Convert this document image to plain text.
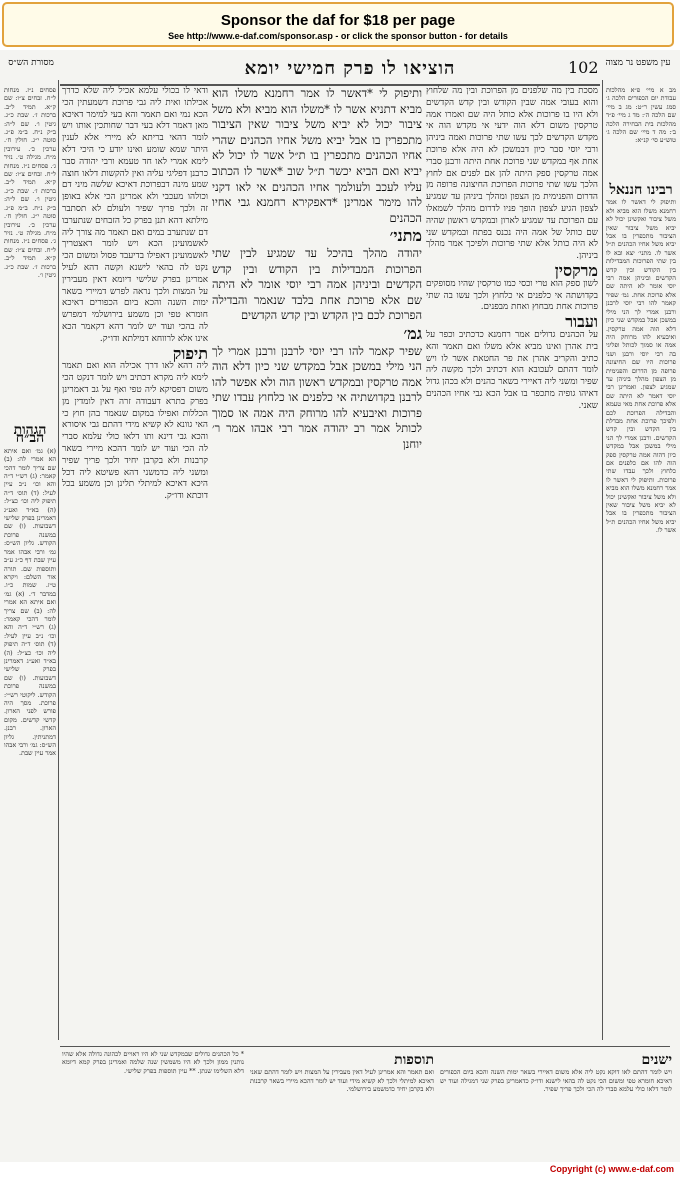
Sponsor the daf for $18 per page
See http://www.e-daf.com/sponsor.asp - or click the sponsor button - for details
102
הוציאו לו פרק חמישי יומא
מסורת הש״ס	עין משפט נר מצוה
פסחים נ״ז. מנחות ל״ח. זבחים צ״ו: שם ק״א. תמיד ל״ב. ברכות ז׳. שבת כ״ג. גיטין ו׳. שם ל״ה: ב״ק נ״ח. ב״מ פ״ג. סוטה י״ג. חולין ח׳. ערכין כ׳. עירובין מ״ח. מגילה ט׳. נזיר ג׳. פסחים נ״ז. מנחות ל״ח. זבחים צ״ו: שם ק״א. תמיד ל״ב. ברכות ז׳. שבת כ״ג. גיטין ו׳. שם ל״ה: ב״ק נ״ח. ב״מ פ״ג. סוטה י״ג. חולין ח׳. ערכין כ׳. עירובין מ״ח. מגילה ט׳. נזיר ג׳. פסחים נ״ז. מנחות ל״ח. זבחים צ״ו: שם ק״א. תמיד ל״ב. ברכות ז׳. שבת כ״ג. גיטין ו׳.
הגהות הב״ח
(א) גמ׳ ואם איתא הא אמרי לה: (ב) שם צריך לומר דהכי קאמר: (ג) רש״י ד״ה והא וכו׳ נ״ב עיין לעיל: (ד) תוס׳ ד״ה תיפוק ליה וכו׳ כצ״ל: (ה) בא״ד ואע״ג דאמרינן בפרק שלישי דשבועות. (ו) שם במשנה פרוכת הקודש. גליון הש״ס: גמ׳ ורבי אבהו אמר עיין שבת דף כ״ג ע״ב ותוספות שם. תורה אור השלם: ויקרא ט״ז. שמות כ״ו. במדבר ד׳. (א) גמ׳ ואם איתא הא אמרי לה: (ב) שם צריך לומר דהכי קאמר: (ג) רש״י ד״ה והא וכו׳ נ״ב עיין לעיל: (ד) תוס׳ ד״ה תיפוק ליה וכו׳ כצ״ל: (ה) בא״ד ואע״ג דאמרינן בפרק שלישי דשבועות. (ו) שם במשנה פרוכת הקודש. ליקוטי רש״י: פרוכת. מסך היה פורש לפני הארון. קדשי קדשים. מקום הארון. רבנן. דמתניתין. גליון הש״ס: גמ׳ ורבי אבהו אמר עיין שבת.
ודאי לו בכולי עלמא אכיל ליה שלא כדרך אכילתו ואית ליה גבי פרוכת דשמעתין הכי הכא נמי ואם תאמר והא בעי למימר דאיכא מאן דאמר דלא בעי דבר שחותכין אותו ויש לומר דהאי בריתא לא מיירי אלא לענין היתר שמא שומע ואינו יודע כי היכי דלא לימא אמרי לאו חד טעמא ורבי יהודה סבר כרבנן דפליגי עליה ואין להקשות דלאו חוצה שמע מינה דבפרוכת דאיכא שלשה מיני דם וכולהו מעכבי ולא אמרינן הכי אלא באופן זה ולכך פריך שפיר ולעולם לא תסתבר מילתא דהא תנן בפרק כל הזבחים שנתערבו דם שנתערב במים ואם תאמר מה צורך ליה לאשמועינן הכא ויש לומר דאצטריך לאשמועינן דאפילו בדיעבד פסול ומשום הכי נקט לה בהאי לישנא וקשה דהא לעיל אמרינן בפרק שלישי דיומא דאין מעבירין על המצות ולכך נראה לפרש דמיירי בשאר ימות השנה והכא ביום הכפורים דאיכא חומרא טפי וכן משמע בירושלמי דמפרש לה בהכי ועוד יש לומר דהא דקאמר הכא אינו אלא לרווחא דמילתא ודו״ק.
תיפוק
ליה דהא לאו דרך אכילה הוא ואם תאמר לימא ליה מקרא דכתיב ויש לומר דנקט הכי משום דפסיקא ליה טפי ואף על גב דאמרינן בפרק בתרא דעבודה זרה דאין לומדין מן הכללות ואפילו במקום שנאמר בהן חוץ כי האי גוונא לא קשיא מידי דהתם גבי איסורא והכא גבי דינא ותו דלאו כולי עלמא סברי לה הכי ועוד יש לומר דהכא מיירי בשאר קרבנות ולא בקרבן יחיד ולכך פריך שפיר ומשני ליה כדמשני דהא פשיטא ליה דכל היכא דאיכא למיתלי תלינן וכן משמע בכל דוכתא ודו״ק.
ותיפוק לי *דאשר לו אמר רחמנא משלו הוא מביא דתניא אשר לו *משלו הוא מביא ולא משל ציבור יכול לא יביא משל ציבור שאין הציבור מתכפרין בו אבל יביא משל אחיו הכהנים שהרי אחיו הכהנים מתכפרין בו ת״ל אשר לו יכול לא יביא ואם הביא יכשר ת״ל שוב *אשר לו הכתוב עליו לעכב ולעולמך אחיו הכהנים אי לאו דקני להו מימר אמרינן *דאפקירא רחמנא גבי אחיו הכהנים
מתני׳
יהודה מהלך בהיכל עד שמגיע לבין שתי הפרוכות המבדילות בין הקודש ובין קדש הקדשים וביניהן אמה רבי יוסי אומר לא היתה שם אלא פרוכת אחת בלבד שנאמר והבדילה הפרוכת לכם בין הקדש ובין קדש הקדשים
גמ׳
שפיר קאמר להו רבי יוסי לרבנן ורבנן אמרי לך הני מילי במשכן אבל במקדש שני כיון דלא הוה אמה טרקסין ובמקדש ראשון הוה ולא אפשר להו לרבנן בקדושתיה אי כלפנים או כלחוץ עבדו שתי פרוכות ואיבעיא להו מרוחק היה אמה או סמוך לכותל אמר רב יהודה אמר רבי אבהו אמר ר׳ יוחנן
מסכת בין מה שלפנים מן הפרוכת ובין מה שלחוץ והוא בעובי אמה שבין הקודש ובין קדש הקדשים ולא היו בו פרוכות אלא כותל היה שם ואמרו אמה טרקסין משום דלא הוה ידעי אי מקדש הוה אי מקדש הקדשים לכך עשו שתי פרוכות ואמה ביניהן ורבי יוסי סבר כיון דבמשכן לא היה אלא פרוכת אחת אף במקדש שני פרוכת אחת היתה ורבנן סברי אמה טרקסין ספק היתה להן אם לפנים אם לחוץ הלכך עשו שתי פרוכות הפרוכת החיצונה פרופה מן הדרום והפנימית מן הצפון ומהלך ביניהן עד שמגיע לצפון הגיע לצפון הופך פניו לדרום מהלך לשמאלו עם הפרוכת עד שמגיע לארון ובמקדש ראשון שהיה שם כותל של אמה היה נכנס בפתח ובמקדש שני לא היה כותל אלא שתי פרוכות ולפיכך אמר מהלך ביניהן.
מרקסין
לשון ספק הוא טרי וכסי כמו טרקסין שהיו מסופקים בקדושתה אי כלפנים אי כלחוץ ולכך עשו בה שתי פרוכות אחת מבחוץ ואחת מבפנים.
ועבור
על הכהנים גדולים אמר רחמנא כדכתיב וכפר על בית אהרן ואינו מביא אלא משלו ואם תאמר והא כתיב והקריב אהרן את פר החטאת אשר לו ויש לומר דהתם לעכובא הוא דכתיב ולכך מקשה ליה שפיר ומשני ליה דאיירי בשאר כהנים ולא בכהן גדול דאיהו גופיה מתכפר בו אבל הכא גבי אחיו הכהנים שאני.
מב א מיי׳ פ״א מהלכות עבודת יום הכפורים הלכה ג׳ סמג עשין ר״ט: מג ב מיי׳ שם הלכה ה׳: מד ג מיי׳ פ״ד מהלכות בית הבחירה הלכה ב׳: מה ד מיי׳ שם הלכה ג׳ טוש״ע סי׳ קנ״א:
רבינו חננאל
ותיפוק לי דאשר לו אמר רחמנא משלו הוא מביא ולא משל ציבור ואקשינן יכול לא יביא משל ציבור שאין הציבור מתכפרין בו אבל יביא משל אחיו הכהנים ת״ל אשר לו. מתני׳ יצא ובא לו בין שתי הפרוכות המבדילות בין הקודש ובין קדש הקדשים וביניהן אמה רבי יוסי אומר לא היתה שם אלא פרוכת אחת. גמ׳ שפיר קאמר להו רבי יוסי לרבנן ורבנן אמרי לך הני מילי במשכן אבל במקדש שני כיון דלא הוה אמה טרקסין. ואיבעיא להו מרוחק היה אמה או סמוך לכותל ופליגי בה רבי יוסי ורבנן ושני פרוכות היו שם החיצונה פרופה מן הדרום והפנימית מן הצפון מהלך ביניהן עד שמגיע לצפון. ואמרינן רבי יוסי דאמר לא היתה שם אלא פרוכת אחת מאי טעמא והבדילה הפרוכת לכם ולפיכך פרוכת אחת מבדלת בין הקדש ובין קדש הקדשים. ורבנן אמרי לך הני מילי במשכן אבל במקדש כיון דהוה אמה טרקסין ספק הוה להו אם כלפנים אם כלחוץ ולכך עבדו שתי פרוכות. ותיפוק לי דאשר לו אמר רחמנא משלו הוא מביא ולא משל ציבור ואקשינן יכול לא יביא משל ציבור שאין הציבור מתכפרין בו אבל יביא משל אחיו הכהנים ת״ל אשר לו.
ישנים
ויש לומר דהתם לאו דוקא נקט ליה אלא משום דאיירי בשאר ימות השנה והכא ביום הכפורים דאיכא חומרא טפי ומשום הכי נקט לה בהאי לישנא ודו״ק כדאמרינן בפרק שני דמגילה ועוד יש לומר דלאו כולי עלמא סברי לה הכי ולכך פריך שפיר.
תוספות
ואם תאמר והא אמרינן לעיל דאין מעבירין על המצות ויש לומר דהתם שאני דאיכא למיתלי ולכך לא קשיא מידי ועוד יש לומר דהכא מיירי בשאר קרבנות ולא בקרבן יחיד כדמשמע בירושלמי.
* כל הכהנים גדולים שבמקדש שני לא היו ראויים לכהונה גדולה אלא שהיו נותנין ממון ולכך לא היו משמשין שנה שלמה ואמרינן בפרק קמא דיומא דלא השלימו שנתן. ** עיין תוספות בפרק שלישי.
Copyright (c) www.e-daf.com
